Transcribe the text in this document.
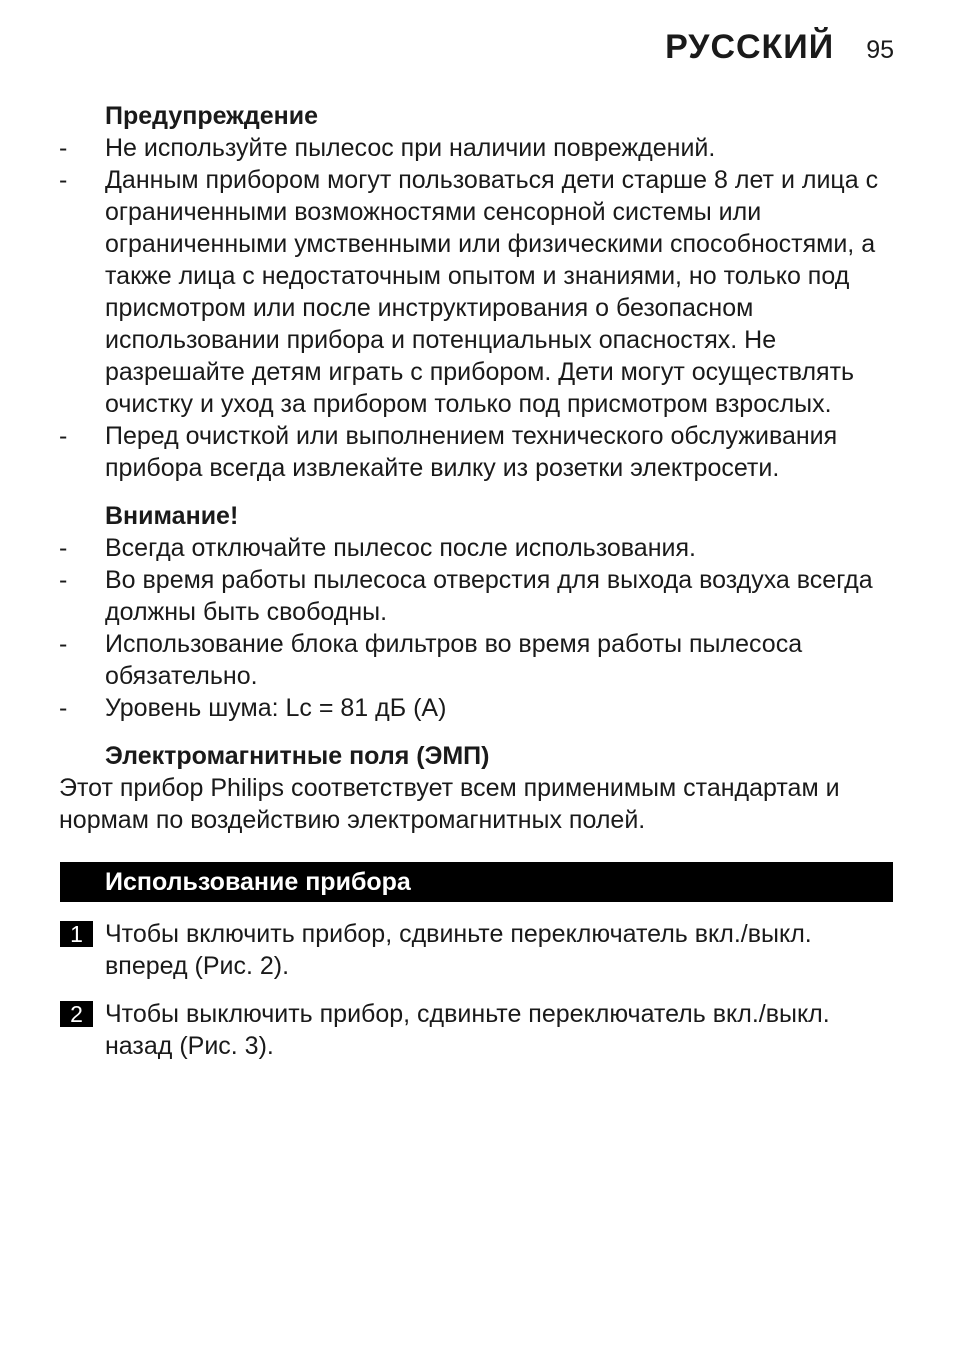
РУССКИЙ 95
Предупреждение
- Не используйте пылесос при наличии повреждений.
- Данным прибором могут пользоваться дети старше 8 лет и лица с ограниченными возможностями сенсорной системы или ограниченными умственными или физическими способностями, а также лица с недостаточным опытом и знаниями, но только под присмотром или после инструктирования о безопасном использовании прибора и потенциальных опасностях. Не разрешайте детям играть с прибором. Дети могут осуществлять очистку и уход за прибором только под присмотром взрослых.
- Перед очисткой или выполнением технического обслуживания прибора всегда извлекайте вилку из розетки электросети.
Внимание!
- Всегда отключайте пылесос после использования.
- Во время работы пылесоса отверстия для выхода воздуха всегда должны быть свободны.
- Использование блока фильтров во время работы пылесоса обязательно.
- Уровень шума: Lc = 81 дБ (A)
Электромагнитные поля (ЭМП)

Этот прибор Philips соответствует всем применимым стандартам и нормам по воздействию электромагнитных полей.

Использование прибора
1 Чтобы включить прибор, сдвиньте переключатель вкл./выкл. вперед (Рис. 2).
2 Чтобы выключить прибор, сдвиньте переключатель вкл./выкл. назад (Рис. 3).
